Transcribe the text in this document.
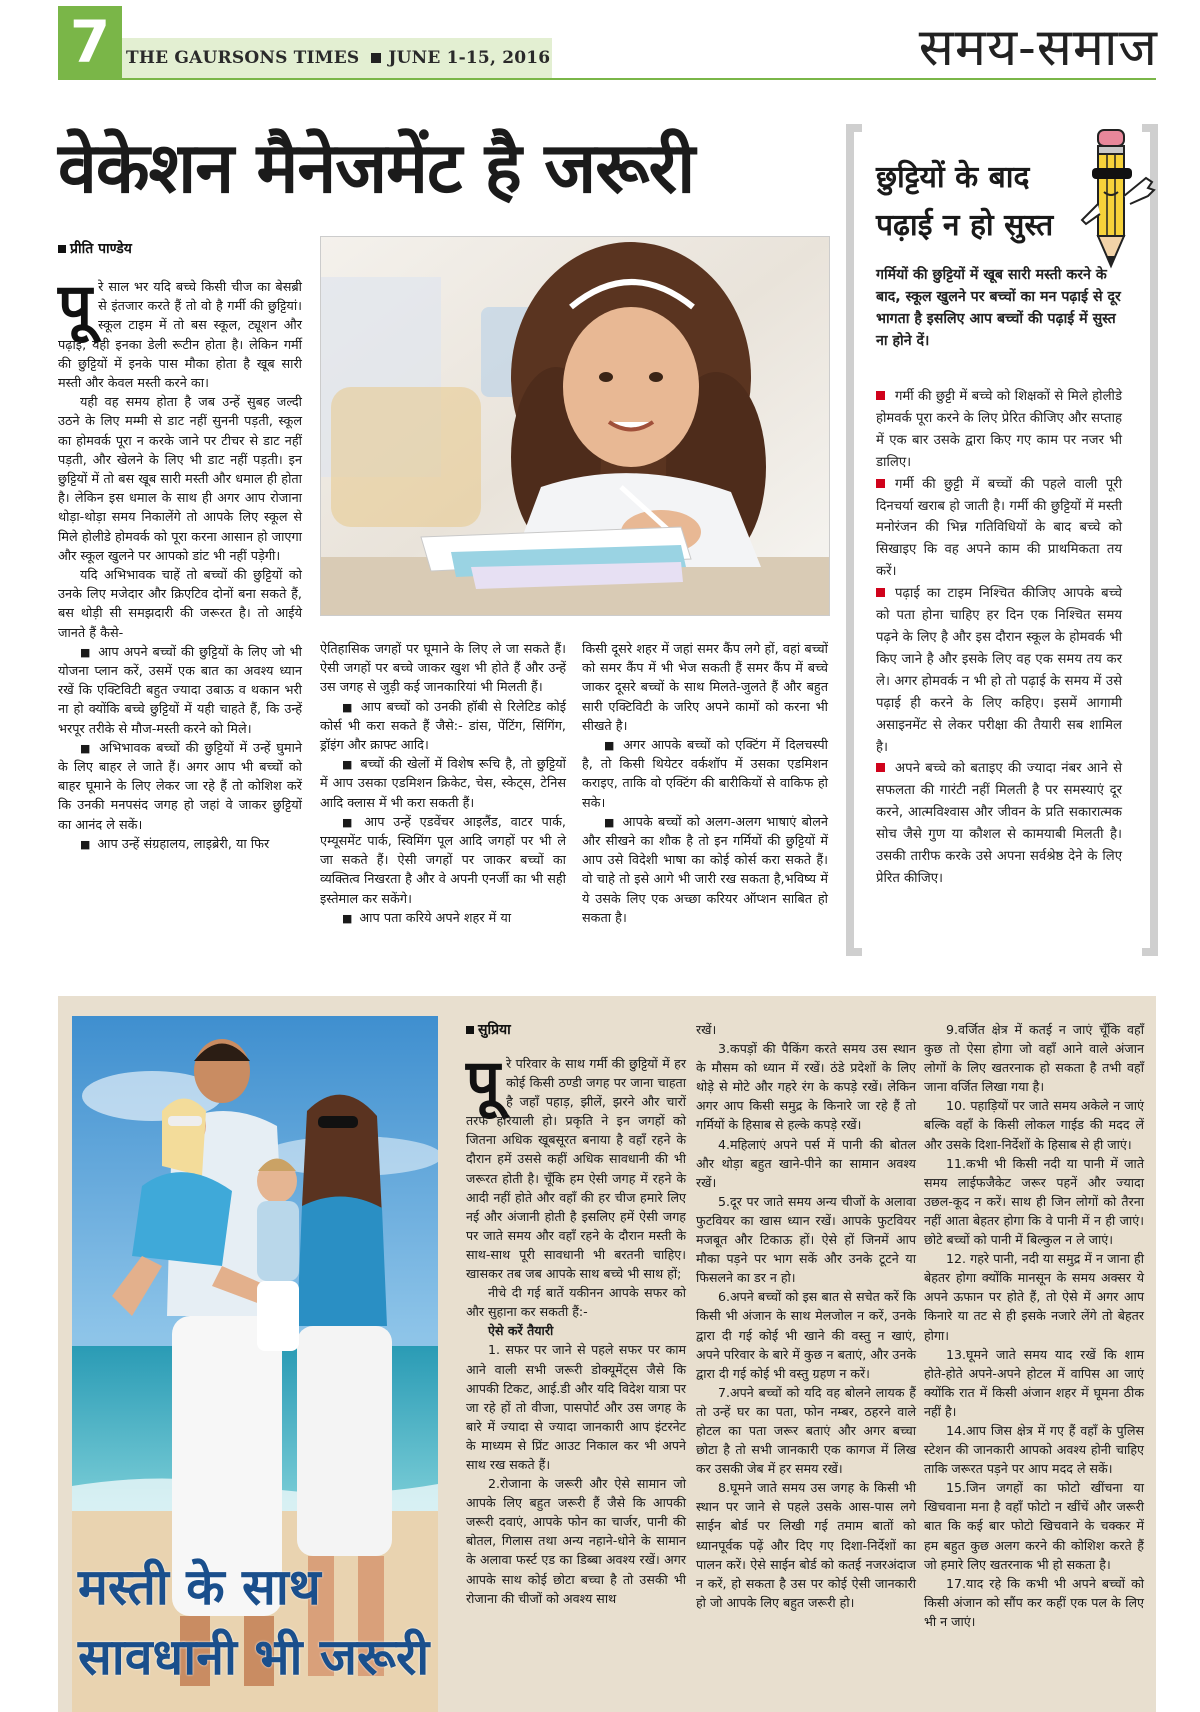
7 THE GAURSONS TIMES JUNE 1-15, 2016	समय-समाज
वेकेशन मैनेजमेंट है जरूरी
प्रीति पाण्डेय

पूरे साल भर यदि बच्चे किसी चीज का बेसब्री से इंतजार करते हैं तो वो है गर्मी की छुट्टियां। स्कूल टाइम में तो बस स्कूल, ट्यूशन और पढ़ाई, यही इनका डेली रूटीन होता है। लेकिन गर्मी की छुट्टियों में इनके पास मौका होता है खूब सारी मस्ती और केवल मस्ती करने का।

यही वह समय होता है जब उन्हें सुबह जल्दी उठने के लिए मम्मी से डाट नहीं सुननी पड़ती, स्कूल का होमवर्क पूरा न करके जाने पर टीचर से डाट नहीं पड़ती, और खेलने के लिए भी डाट नहीं पड़ती। इन छुट्टियों में तो बस खूब सारी मस्ती और धमाल ही होता है। लेकिन इस धमाल के साथ ही अगर आप रोजाना थोड़ा-थोड़ा समय निकालेंगे तो आपके लिए स्कूल से मिले होलीडे होमवर्क को पूरा करना आसान हो जाएगा और स्कूल खुलने पर आपको डांट भी नहीं पड़ेगी।

यदि अभिभावक चाहें तो बच्चों की छुट्टियों को उनके लिए मजेदार और क्रिएटिव दोनों बना सकते हैं, बस थोड़ी सी समझदारी की जरूरत है। तो आईये जानते हैं कैसे-

■ आप अपने बच्चों की छुट्टियों के लिए जो भी योजना प्लान करें, उसमें एक बात का अवश्य ध्यान रखें कि एक्टिविटी बहुत ज्यादा उबाऊ व थकान भरी ना हो क्योंकि बच्चे छुट्टियों में यही चाहते हैं, कि उन्हें भरपूर तरीके से मौज-मस्ती करने को मिले।

■ अभिभावक बच्चों की छुट्टियों में उन्हें घुमाने के लिए बाहर ले जाते हैं। अगर आप भी बच्चों को बाहर घूमाने के लिए लेकर जा रहे हैं तो कोशिश करें कि उनकी मनपसंद जगह हो जहां वे जाकर छुट्टियों का आनंद ले सकें।

■ आप उन्हें संग्रहालय, लाइब्रेरी, या फिर

ऐतिहासिक जगहों पर घूमाने के लिए ले जा सकते हैं। ऐसी जगहों पर बच्चे जाकर खुश भी होते हैं और उन्हें उस जगह से जुड़ी कई जानकारियां भी मिलती हैं।

■ आप बच्चों को उनकी हॉबी से रिलेटिड कोई कोर्स भी करा सकते हैं जैसे:- डांस, पेंटिंग, सिंगिंग, ड्रॉइंग और क्राफ्ट आदि।

■ बच्चों की खेलों में विशेष रूचि है, तो छुट्टियों में आप उसका एडमिशन क्रिकेट, चेस, स्केट्स, टेनिस आदि क्लास में भी करा सकती हैं।

■ आप उन्हें एडवेंचर आइलैंड, वाटर पार्क, एम्यूसमेंट पार्क, स्विमिंग पूल आदि जगहों पर भी ले जा सकते हैं। ऐसी जगहों पर जाकर बच्चों का व्यक्तित्व निखरता है और वे अपनी एनर्जी का भी सही इस्तेमाल कर सकेंगे।

■ आप पता करिये अपने शहर में या

किसी दूसरे शहर में जहां समर कैंप लगे हों, वहां बच्चों को समर कैंप में भी भेज सकती हैं समर कैंप में बच्चे जाकर दूसरे बच्चों के साथ मिलते-जुलते हैं और बहुत सारी एक्टिविटी के जरिए अपने कामों को करना भी सीखते है।

■ अगर आपके बच्चों को एक्टिंग में दिलचस्पी है, तो किसी थियेटर वर्कशॉप में उसका एडमिशन कराइए, ताकि वो एक्टिंग की बारीकियों से वाकिफ हो सके।

■ आपके बच्चों को अलग-अलग भाषाएं बोलने और सीखने का शौक है तो इन गर्मियों की छुट्टियों में आप उसे विदेशी भाषा का कोई कोर्स करा सकते हैं। वो चाहे तो इसे आगे भी जारी रख सकता है,भविष्य में ये उसके लिए एक अच्छा करियर ऑप्शन साबित हो सकता है।

छुट्टियों के बाद
पढ़ाई न हो सुस्त
गर्मियों की छुट्टियों में खूब सारी मस्ती करने के बाद, स्कूल खुलने पर बच्चों का मन पढ़ाई से दूर भागता है इसलिए आप बच्चों की पढ़ाई में सुस्त ना होने दें।

गर्मी की छुट्टी में बच्चे को शिक्षकों से मिले होलीडे होमवर्क पूरा करने के लिए प्रेरित कीजिए और सप्ताह में एक बार उसके द्वारा किए गए काम पर नजर भी डालिए।

गर्मी की छुट्टी में बच्चों की पहले वाली पूरी दिनचर्या खराब हो जाती है। गर्मी की छुट्टियों में मस्ती मनोरंजन की भिन्न गतिविधियों के बाद बच्चे को सिखाइए कि वह अपने काम की प्राथमिकता तय करें।

पढ़ाई का टाइम निश्चित कीजिए आपके बच्चे को पता होना चाहिए हर दिन एक निश्चित समय पढ़ने के लिए है और इस दौरान स्कूल के होमवर्क भी किए जाने है और इसके लिए वह एक समय तय कर ले। अगर होमवर्क न भी हो तो पढ़ाई के समय में उसे पढ़ाई ही करने के लिए कहिए। इसमें आगामी असाइनमेंट से लेकर परीक्षा की तैयारी सब शामिल है।

अपने बच्चे को बताइए की ज्यादा नंबर आने से सफलता की गारंटी नहीं मिलती है पर समस्याएं दूर करने, आत्मविश्वास और जीवन के प्रति सकारात्मक सोच जैसे गुण या कौशल से कामयाबी मिलती है। उसकी तारीफ करके उसे अपना सर्वश्रेष्ठ देने के लिए प्रेरित कीजिए।

मस्ती के साथ
सावधानी भी जरूरी
सुप्रिया

पूरे परिवार के साथ गर्मी की छुट्टियों में हर कोई किसी ठण्डी जगह पर जाना चाहता है जहाँ पहाड़, झीलें, झरने और चारों तरफ हरियाली हो। प्रकृति ने इन जगहों को जितना अधिक खूबसूरत बनाया है वहाँ रहने के दौरान हमें उससे कहीं अधिक सावधानी की भी जरूरत होती है। चूँकि हम ऐसी जगह में रहने के आदी नहीं होते और वहाँ की हर चीज हमारे लिए नई और अंजानी होती है इसलिए हमें ऐसी जगह पर जाते समय और वहाँ रहने के दौरान मस्ती के साथ-साथ पूरी सावधानी भी बरतनी चाहिए। खासकर तब जब आपके साथ बच्चे भी साथ हों;

नीचे दी गई बातें यकीनन आपके सफर को और सुहाना कर सकती हैं:-

ऐसे करें तैयारी

1. सफर पर जाने से पहले सफर पर काम आने वाली सभी जरूरी डोक्यूमेंट्स जैसे कि आपकी टिकट, आई.डी और यदि विदेश यात्रा पर जा रहे हों तो वीजा, पासपोर्ट और उस जगह के बारे में ज्यादा से ज्यादा जानकारी आप इंटरनेट के माध्यम से प्रिंट आउट निकाल कर भी अपने साथ रख सकते हैं।

2.रोजाना के जरूरी और ऐसे सामान जो आपके लिए बहुत जरूरी हैं जैसे कि आपकी जरूरी दवाएं, आपके फोन का चार्जर, पानी की बोतल, गिलास तथा अन्य नहाने-धोने के सामान के अलावा फर्स्ट एड का डिब्बा अवश्य रखें। अगर आपके साथ कोई छोटा बच्चा है तो उसकी भी रोजाना की चीजों को अवश्य साथ

रखें।

3.कपड़ों की पैकिंग करते समय उस स्थान के मौसम को ध्यान में रखें। ठंडे प्रदेशों के लिए थोड़े से मोटे और गहरे रंग के कपड़े रखें। लेकिन अगर आप किसी समुद्र के किनारे जा रहे हैं तो गर्मियों के हिसाब से हल्के कपड़े रखें।

4.महिलाएं अपने पर्स में पानी की बोतल और थोड़ा बहुत खाने-पीने का सामान अवश्य रखें।

5.दूर पर जाते समय अन्य चीजों के अलावा फुटवियर का खास ध्यान रखें। आपके फुटवियर मजबूत और टिकाऊ हों। ऐसे हों जिनमें आप मौका पड़ने पर भाग सकें और उनके टूटने या फिसलने का डर न हो।

6.अपने बच्चों को इस बात से सचेत करें कि किसी भी अंजान के साथ मेलजोल न करें, उनके द्वारा दी गई कोई भी खाने की वस्तु न खाएं, अपने परिवार के बारे में कुछ न बताएं, और उनके द्वारा दी गई कोई भी वस्तु ग्रहण न करें।

7.अपने बच्चों को यदि वह बोलने लायक हैं तो उन्हें घर का पता, फोन नम्बर, ठहरने वाले होटल का पता जरूर बताएं और अगर बच्चा छोटा है तो सभी जानकारी एक कागज में लिख कर उसकी जेब में हर समय रखें।

8.घूमने जाते समय उस जगह के किसी भी स्थान पर जाने से पहले उसके आस-पास लगे साईन बोर्ड पर लिखी गई तमाम बातों को ध्यानपूर्वक पढ़ें और दिए गए दिशा-निर्देशों का पालन करें। ऐसे साईन बोर्ड को कतई नजरअंदाज न करें, हो सकता है उस पर कोई ऐसी जानकारी हो जो आपके लिए बहुत जरूरी हो।

9.वर्जित क्षेत्र में कतई न जाएं चूँकि वहाँ कुछ तो ऐसा होगा जो वहाँ आने वाले अंजान लोगों के लिए खतरनाक हो सकता है तभी वहाँ जाना वर्जित लिखा गया है।

10. पहाड़ियों पर जाते समय अकेले न जाएं बल्कि वहाँ के किसी लोकल गाईड की मदद लें और उसके दिशा-निर्देशों के हिसाब से ही जाएं।

11.कभी भी किसी नदी या पानी में जाते समय लाईफजैकेट जरूर पहनें और ज्यादा उछल-कूद न करें। साथ ही जिन लोगों को तैरना नहीं आता बेहतर होगा कि वे पानी में न ही जाएं। छोटे बच्चों को पानी में बिल्कुल न ले जाएं।

12. गहरे पानी, नदी या समुद्र में न जाना ही बेहतर होगा क्योंकि मानसून के समय अक्सर ये अपने ऊफान पर होते हैं, तो ऐसे में अगर आप किनारे या तट से ही इसके नजारे लेंगे तो बेहतर होगा।

13.घूमने जाते समय याद रखें कि शाम होते-होते अपने-अपने होटल में वापिस आ जाएं क्योंकि रात में किसी अंजान शहर में घूमना ठीक नहीं है।

14.आप जिस क्षेत्र में गए हैं वहाँ के पुलिस स्टेशन की जानकारी आपको अवश्य होनी चाहिए ताकि जरूरत पड़ने पर आप मदद ले सकें।

15.जिन जगहों का फोटो खींचना या खिचवाना मना है वहाँ फोटो न खींचें और जरूरी बात कि कई बार फोटो खिचवाने के चक्कर में हम बहुत कुछ अलग करने की कोशिश करते हैं जो हमारे लिए खतरनाक भी हो सकता है।

17.याद रहे कि कभी भी अपने बच्चों को किसी अंजान को सौंप कर कहीं एक पल के लिए भी न जाएं।
